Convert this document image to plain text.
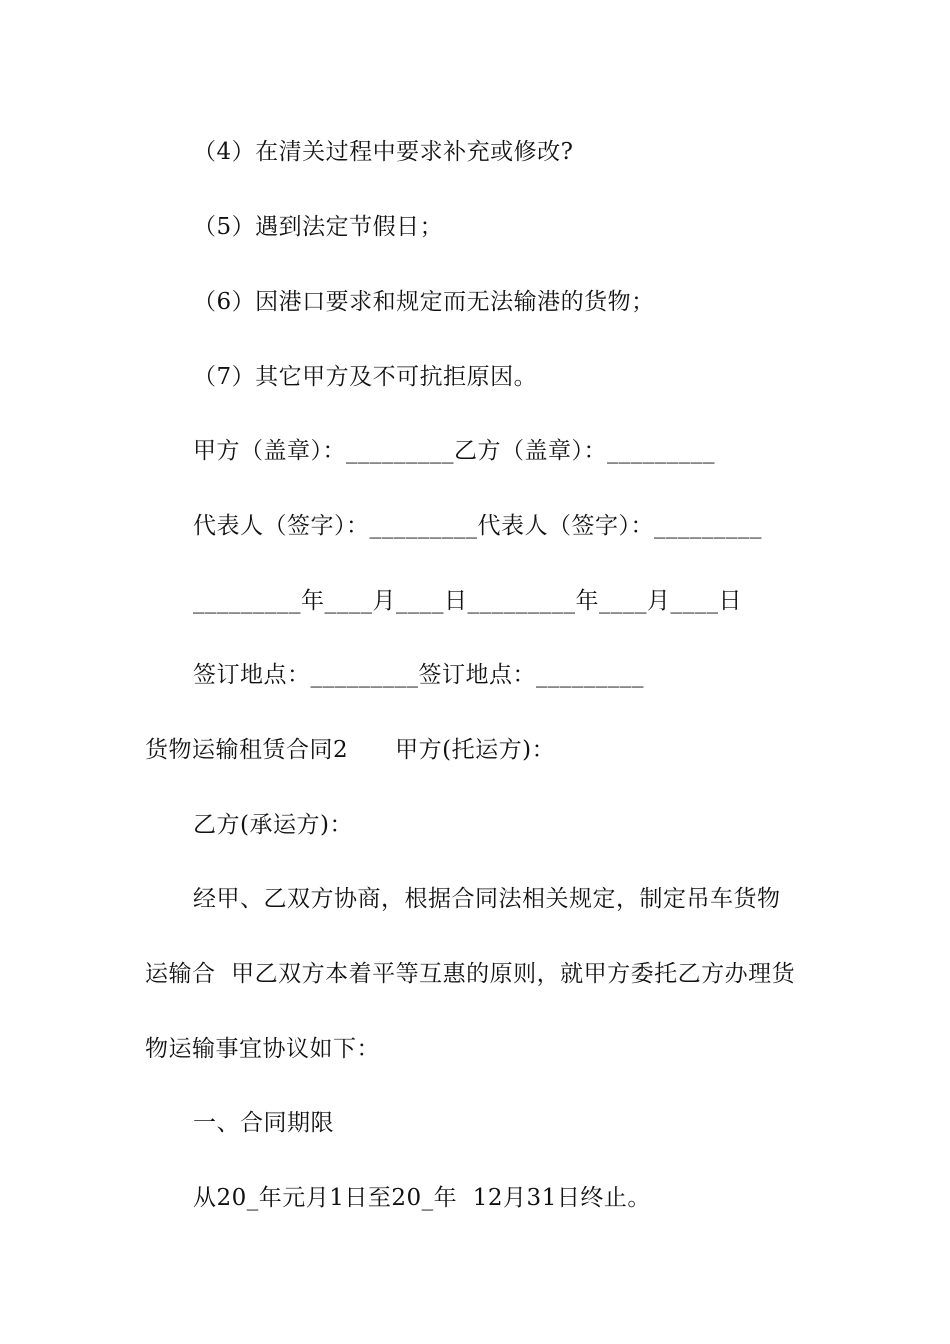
（4）在清关过程中要求补充或修改?
（5）遇到法定节假日；
（6）因港口要求和规定而无法输港的货物；
（7）其它甲方及不可抗拒原因。
甲方（盖章）：_________乙方（盖章）：_________
代表人（签字）：_________代表人（签字）：_________
_________年____月____日_________年____月____日
签订地点：_________签订地点：_________
货物运输租赁合同2　　甲方(托运方)：
乙方(承运方)：
经甲、乙双方协商，根据合同法相关规定，制定吊车货物
运输合  甲乙双方本着平等互惠的原则，就甲方委托乙方办理货
物运输事宜协议如下：
一、合同期限
从20_年元月1日至20_年  12月31日终止。
